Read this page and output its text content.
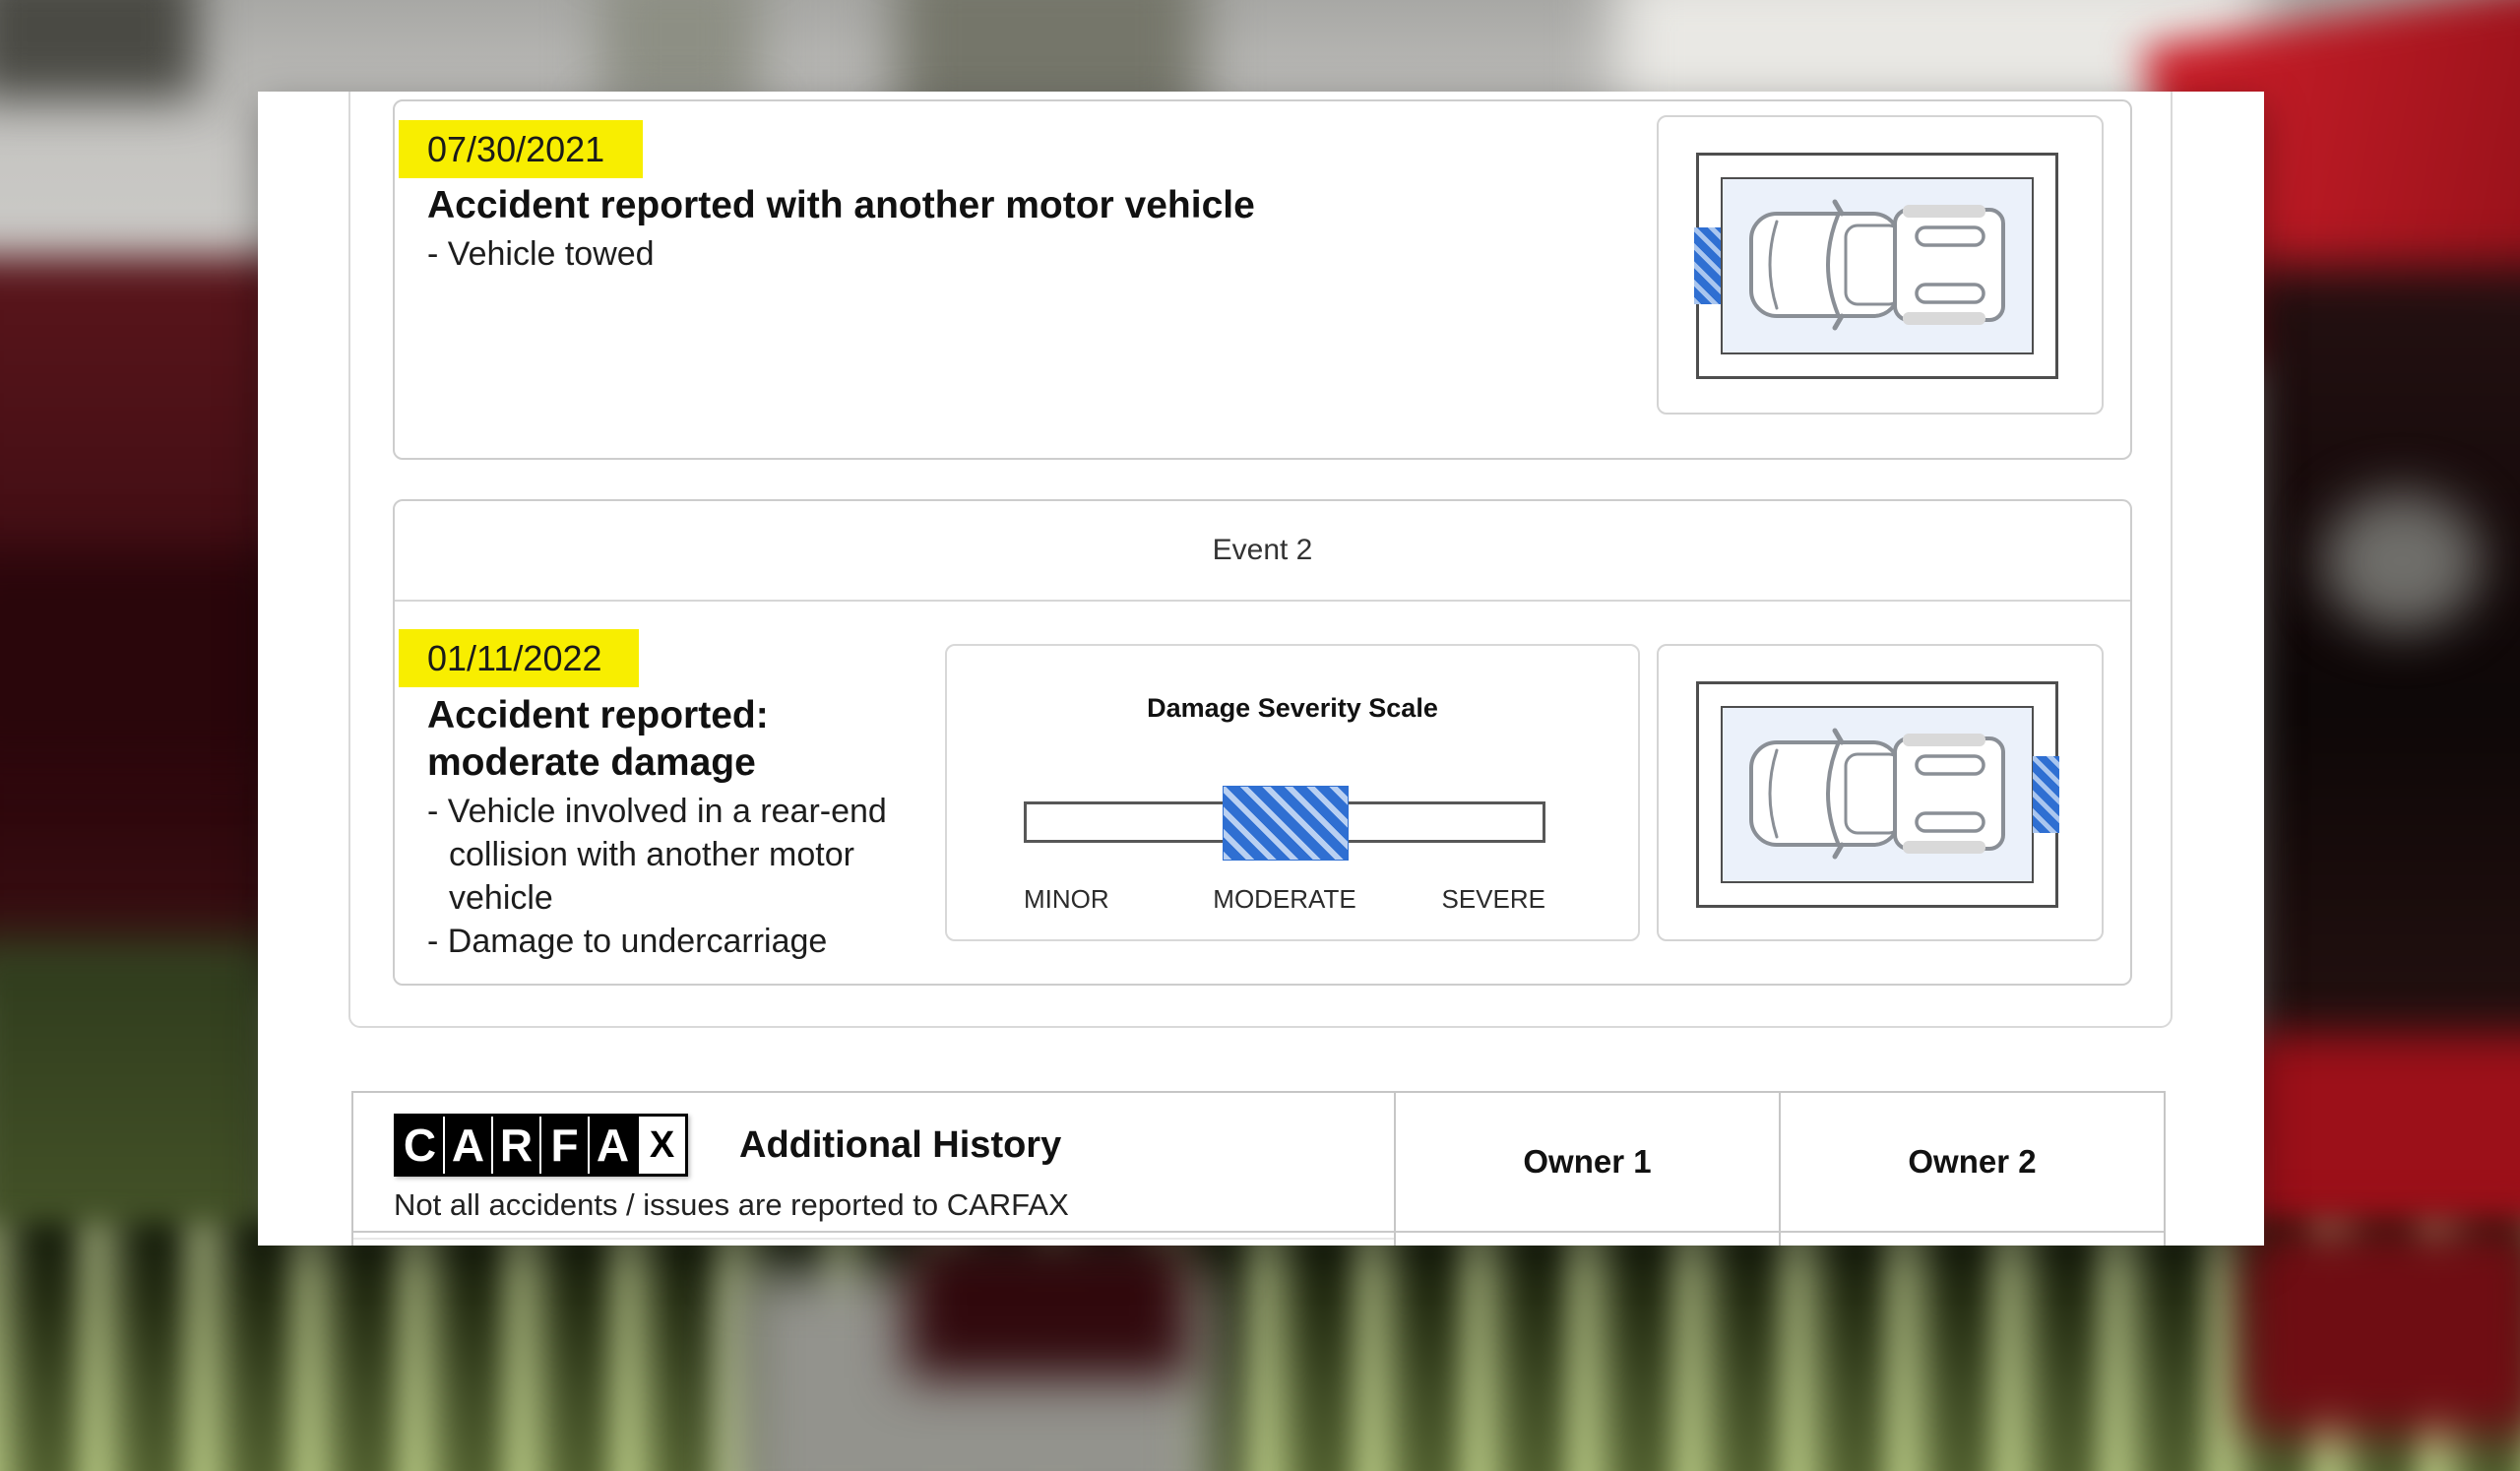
07/30/2021
Accident reported with another motor vehicle
- Vehicle towed
Event 2
01/11/2022
Accident reported:
moderate damage
- Vehicle involved in a rear-end collision with another motor vehicle
- Damage to undercarriage
Damage Severity Scale
MINOR	MODERATE	SEVERE
C A R F A X Additional History
Not all accidents / issues are reported to CARFAX
Owner 1	Owner 2
